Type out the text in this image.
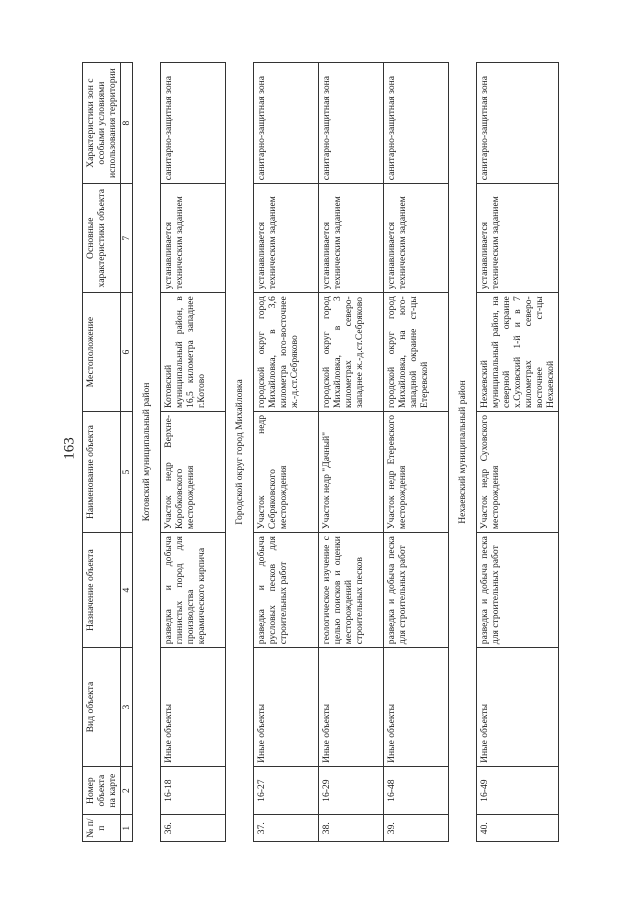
163
№ п/п	Номер объекта на карте	Вид объекта	Назначение объекта	Наименование объекта	Местоположение	Основные характеристики объекта	Характеристики зон с особыми условиями использования территории
1	2	3	4	5	6	7	8
Котовский муниципальный район							
36.	16-18	Иные объекты	разведка и добыча глинистых пород для производства керамического кирпича	Участок недр Верхне-Коробковского месторождения	Котовский муниципальный район, в 16,5 километра западнее г.Котово	устанавливается техническим заданием	санитарно-защитная зона
Городской округ город Михайловка							
37.	16-27	Иные объекты	разведка и добыча русловых песков для строительных работ	Участок недр Себряковского месторождения	городской округ город Михайловка, в 3,6 километра юго-восточнее ж.-д.ст.Себряково	устанавливается техническим заданием	санитарно-защитная зона
38.	16-29	Иные объекты	геологическое изучение с целью поисков и оценки месторождений строительных песков	Участок недр "Дачный"	городской округ город Михайловка, в 3 километрах северо-западнее ж.-д.ст.Себряково	устанавливается техническим заданием	санитарно-защитная зона
39.	16-48	Иные объекты	разведка и добыча песка для строительных работ	Участок недр Етеревского месторождения	городской округ город Михайловка, на юго-западной окраине ст-цы Етеревской	устанавливается техническим заданием	санитарно-защитная зона
Нехаевский муниципальный район							
40.	16-49	Иные объекты	разведка и добыча песка для строительных работ	Участок недр Суховского месторождения	Нехаевский муниципальный район, на северной окраине х.Суховский 1-й и в 7 километрах северо-восточнее ст-цы Нехаевской	устанавливается техническим заданием	санитарно-защитная зона
